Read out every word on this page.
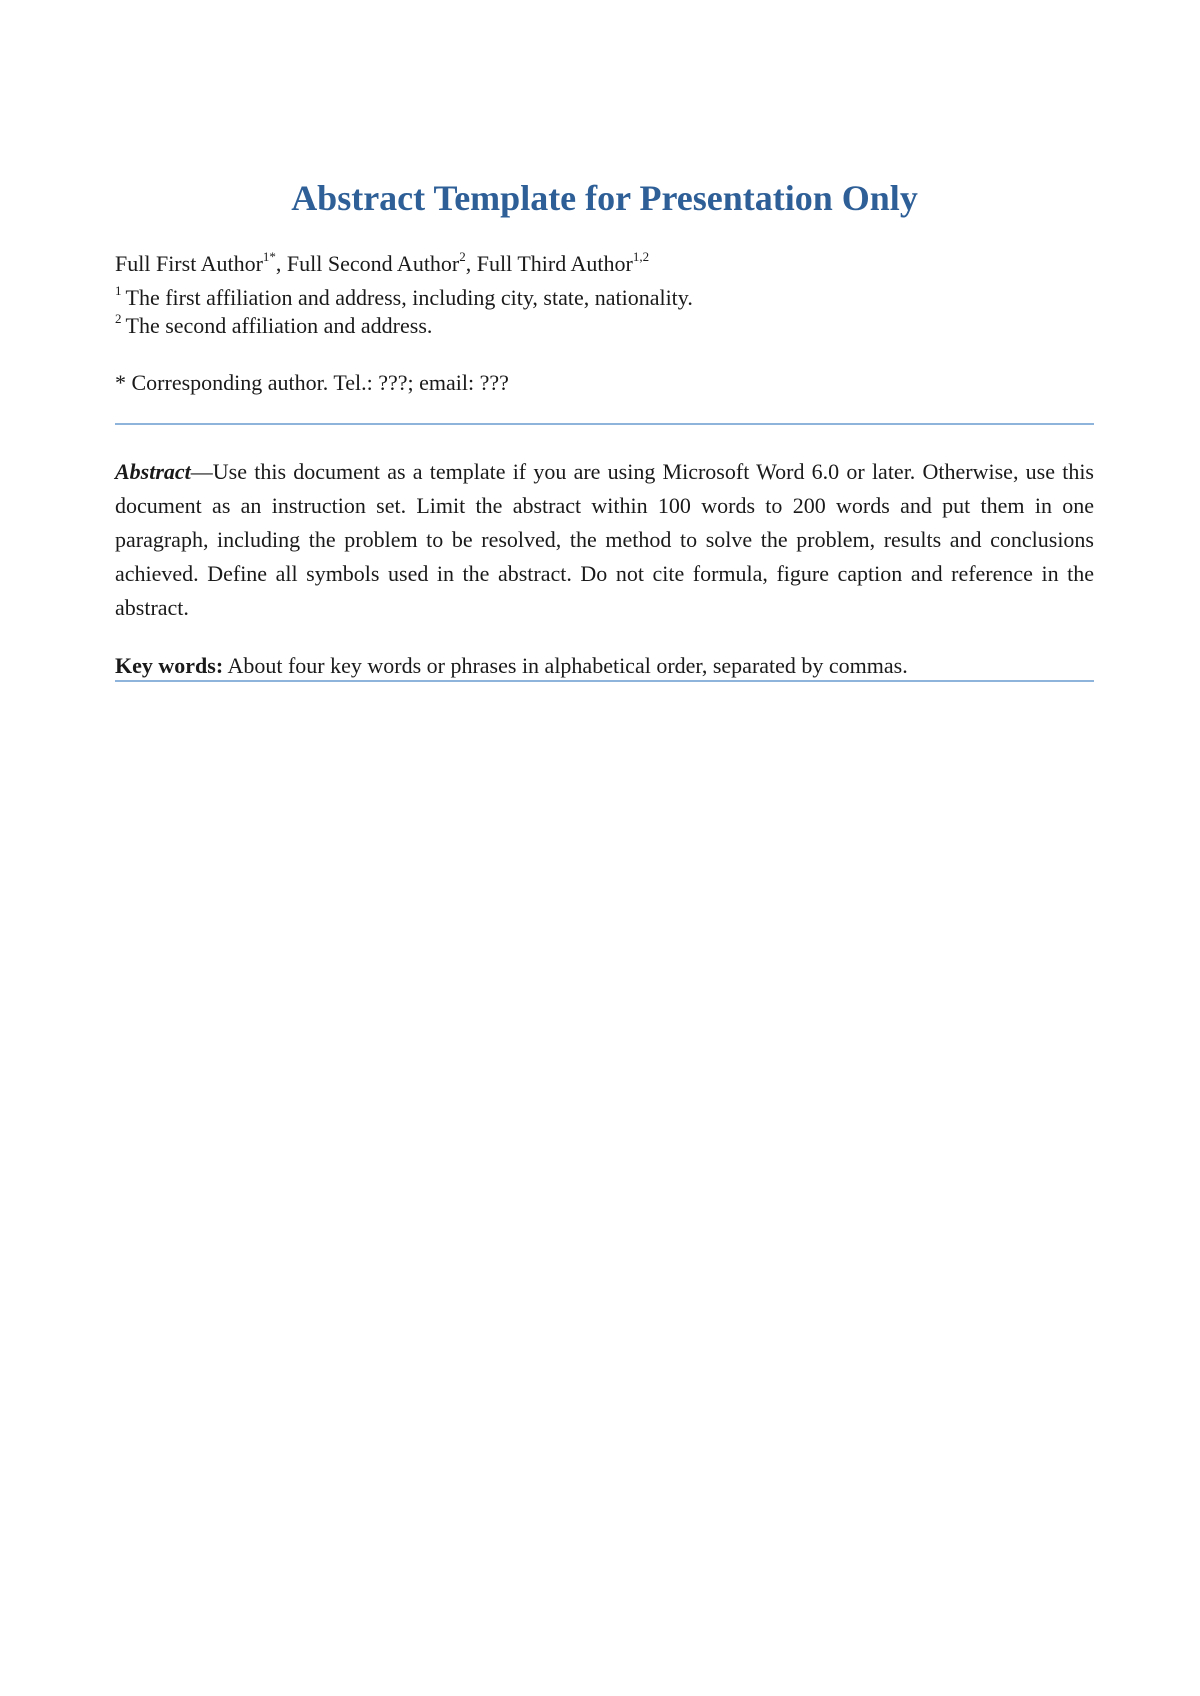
Abstract Template for Presentation Only

Full First Author$^{1*}$, Full Second Author$^2$, Full Third Author$^{1,2}$

$^1$ The first affiliation and address, including city, state, nationality.

$^2$ The second affiliation and address.

* Corresponding author. Tel.: ???; email: ???

Abstract—Use this document as a template if you are using Microsoft Word 6.0 or later. Otherwise, use this document as an instruction set. Limit the abstract within 100 words to 200 words and put them in one paragraph, including the problem to be resolved, the method to solve the problem, results and conclusions achieved. Define all symbols used in the abstract. Do not cite formula, figure caption and reference in the abstract.

Key words: About four key words or phrases in alphabetical order, separated by commas.
